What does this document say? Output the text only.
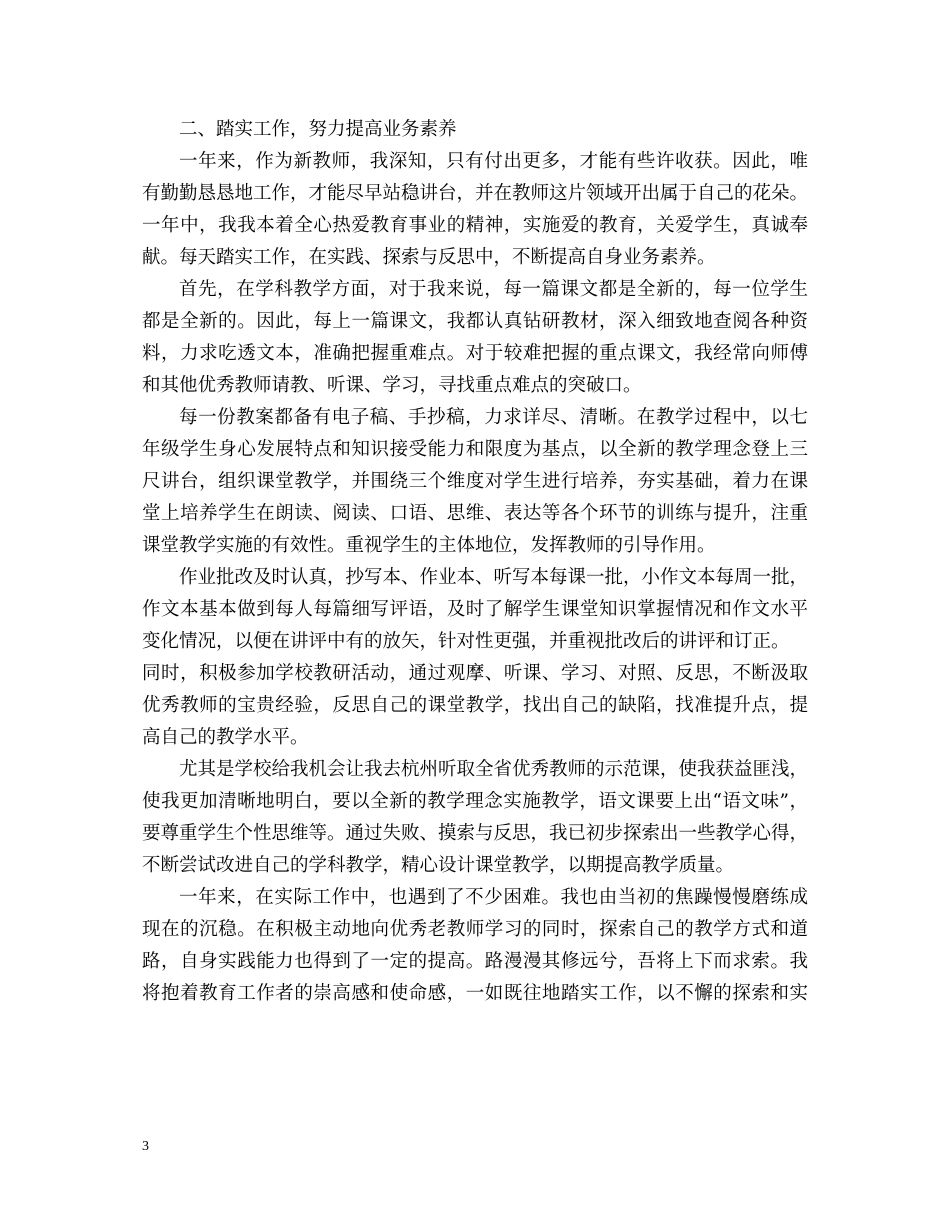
二、踏实工作，努力提高业务素养
一年来，作为新教师，我深知，只有付出更多，才能有些许收获。因此，唯
有勤勤恳恳地工作，才能尽早站稳讲台，并在教师这片领域开出属于自己的花朵。
一年中，我我本着全心热爱教育事业的精神，实施爱的教育，关爱学生，真诚奉
献。每天踏实工作，在实践、探索与反思中，不断提高自身业务素养。
首先，在学科教学方面，对于我来说，每一篇课文都是全新的，每一位学生
都是全新的。因此，每上一篇课文，我都认真钻研教材，深入细致地查阅各种资
料，力求吃透文本，准确把握重难点。对于较难把握的重点课文，我经常向师傅
和其他优秀教师请教、听课、学习，寻找重点难点的突破口。
每一份教案都备有电子稿、手抄稿，力求详尽、清晰。在教学过程中，以七
年级学生身心发展特点和知识接受能力和限度为基点，以全新的教学理念登上三
尺讲台，组织课堂教学，并围绕三个维度对学生进行培养，夯实基础，着力在课
堂上培养学生在朗读、阅读、口语、思维、表达等各个环节的训练与提升，注重
课堂教学实施的有效性。重视学生的主体地位，发挥教师的引导作用。
作业批改及时认真，抄写本、作业本、听写本每课一批，小作文本每周一批，
作文本基本做到每人每篇细写评语，及时了解学生课堂知识掌握情况和作文水平
变化情况，以便在讲评中有的放矢，针对性更强，并重视批改后的讲评和订正。
同时，积极参加学校教研活动，通过观摩、听课、学习、对照、反思，不断汲取
优秀教师的宝贵经验，反思自己的课堂教学，找出自己的缺陷，找准提升点，提
高自己的教学水平。
尤其是学校给我机会让我去杭州听取全省优秀教师的示范课，使我获益匪浅，
使我更加清晰地明白，要以全新的教学理念实施教学，语文课要上出“语文味”，
要尊重学生个性思维等。通过失败、摸索与反思，我已初步探索出一些教学心得，
不断尝试改进自己的学科教学，精心设计课堂教学，以期提高教学质量。
一年来，在实际工作中，也遇到了不少困难。我也由当初的焦躁慢慢磨练成
现在的沉稳。在积极主动地向优秀老教师学习的同时，探索自己的教学方式和道
路，自身实践能力也得到了一定的提高。路漫漫其修远兮，吾将上下而求索。我
将抱着教育工作者的崇高感和使命感，一如既往地踏实工作，以不懈的探索和实
3
